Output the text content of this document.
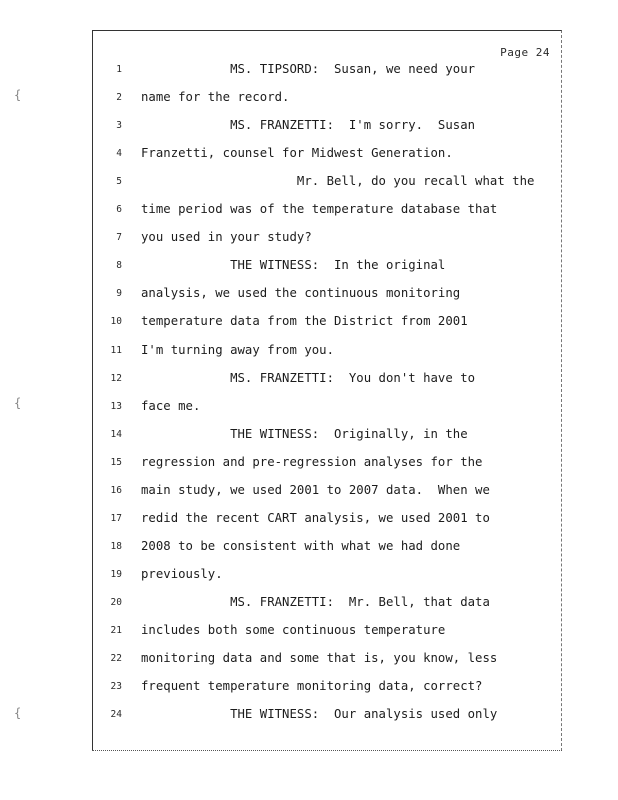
Page 24
1 MS. TIPSORD:  Susan, we need your
2 name for the record.
3 MS. FRANZETTI:  I'm sorry.  Susan
4 Franzetti, counsel for Midwest Generation.
5 Mr. Bell, do you recall what the
6 time period was of the temperature database that
7 you used in your study?
8 THE WITNESS:  In the original
9 analysis, we used the continuous monitoring
10 temperature data from the District from 2001
11 I'm turning away from you.
12 MS. FRANZETTI:  You don't have to
13 face me.
14 THE WITNESS:  Originally, in the
15 regression and pre-regression analyses for the
16 main study, we used 2001 to 2007 data.  When we
17 redid the recent CART analysis, we used 2001 to
18 2008 to be consistent with what we had done
19 previously.
20 MS. FRANZETTI:  Mr. Bell, that data
21 includes both some continuous temperature
22 monitoring data and some that is, you know, less
23 frequent temperature monitoring data, correct?
24 THE WITNESS:  Our analysis used only
{
{
{
